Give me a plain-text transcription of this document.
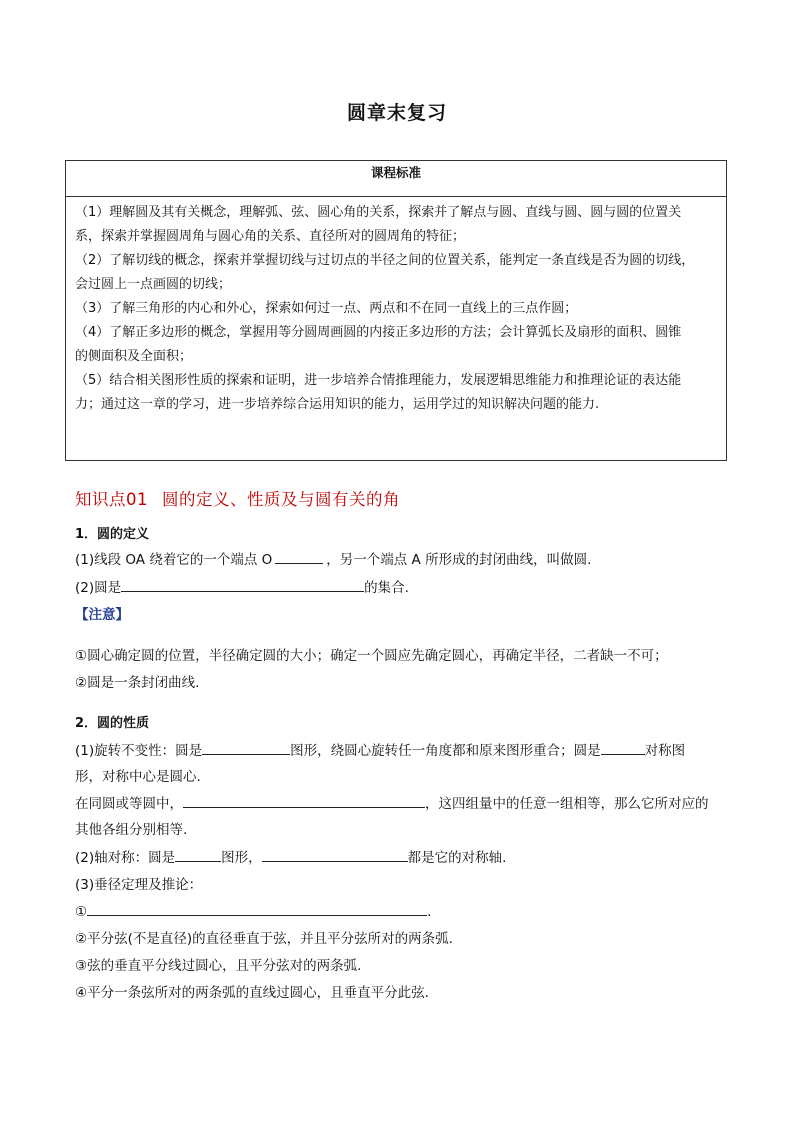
圆章末复习
课程标准

（1）理解圆及其有关概念，理解弧、弦、圆心角的关系，探索并了解点与圆、直线与圆、圆与圆的位置关

系，探索并掌握圆周角与圆心角的关系、直径所对的圆周角的特征；

（2）了解切线的概念，探索并掌握切线与过切点的半径之间的位置关系，能判定一条直线是否为圆的切线，

会过圆上一点画圆的切线；

（3）了解三角形的内心和外心，探索如何过一点、两点和不在同一直线上的三点作圆；

（4）了解正多边形的概念，掌握用等分圆周画圆的内接正多边形的方法；会计算弧长及扇形的面积、圆锥

的侧面积及全面积；

（5）结合相关图形性质的探索和证明，进一步培养合情推理能力，发展逻辑思维能力和推理论证的表达能

力；通过这一章的学习，进一步培养综合运用知识的能力，运用学过的知识解决问题的能力.

知识点01 圆的定义、性质及与圆有关的角
1．圆的定义
(1)线段 OA 绕着它的一个端点 O	，另一个端点 A 所形成的封闭曲线，叫做圆.
(2)圆是	的集合.
【注意】
①圆心确定圆的位置，半径确定圆的大小；确定一个圆应先确定圆心，再确定半径，二者缺一不可；
②圆是一条封闭曲线.
2．圆的性质
(1)旋转不变性：圆是	图形，绕圆心旋转任一角度都和原来图形重合；圆是	对称图
形，对称中心是圆心.
在同圆或等圆中，	，这四组量中的任意一组相等，那么它所对应的
其他各组分别相等.
(2)轴对称：圆是	图形，	都是它的对称轴.
(3)垂径定理及推论：
①	.
②平分弦(不是直径)的直径垂直于弦，并且平分弦所对的两条弧.
③弦的垂直平分线过圆心，且平分弦对的两条弧.
④平分一条弦所对的两条弧的直线过圆心，且垂直平分此弦.
